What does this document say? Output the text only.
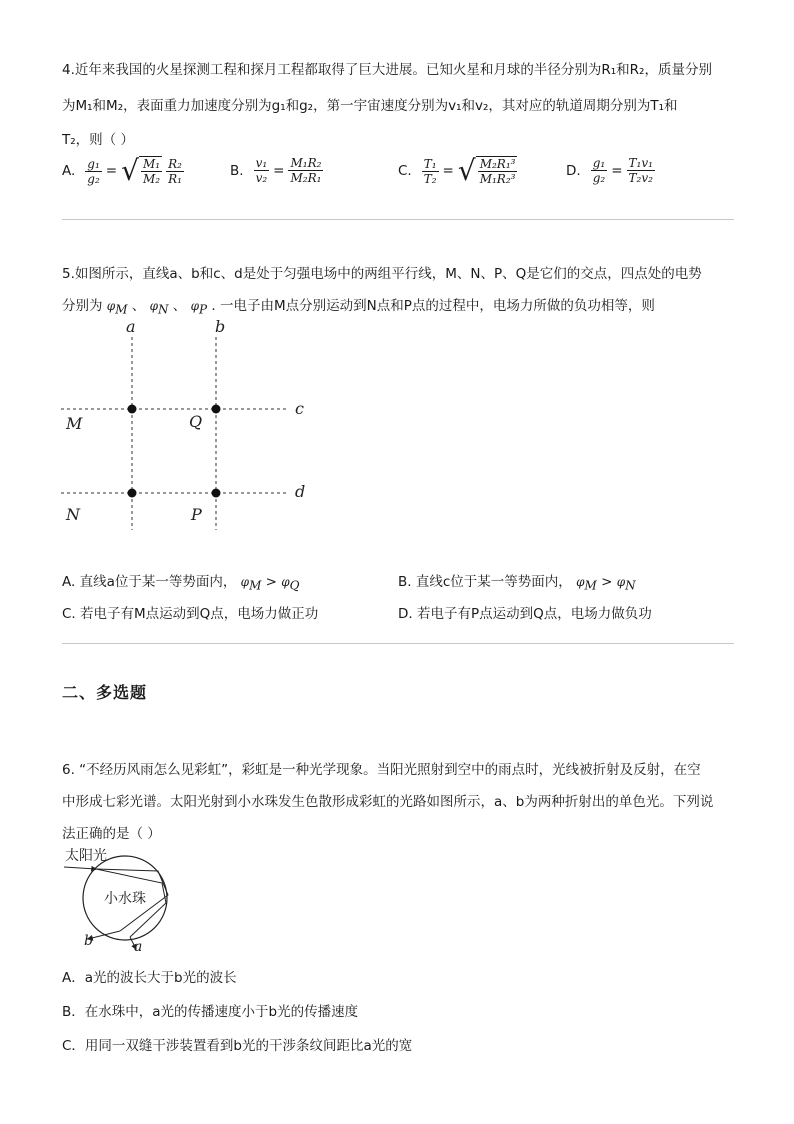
4.近年来我国的火星探测工程和探月工程都取得了巨大进展。已知火星和月球的半径分别为R₁和R₂，质量分别
为M₁和M₂，表面重力加速度分别为g₁和g₂，第一宇宙速度分别为v₁和v₂，其对应的轨道周期分别为T₁和
T₂，则（ ）
A. $\frac{\text{g₁}}{\text{g₂}}$ = √ $\frac{\text{M₁}}{\text{M₂}} \frac{\text{R₂}}{\text{R₁}}$	B. $\frac{\text{v₁}}{\text{v₂}} = \frac{\text{M₁R₂}}{\text{M₂R₁}}$	C. $\frac{\text{T₁}}{\text{T₂}}$ = √ $\frac{\text{M₂R₁³}}{\text{M₁R₂³}}$	D. $\frac{\text{g₁}}{\text{g₂}} = \frac{\text{T₁v₁}}{\text{T₂v₂}}$
5.如图所示，直线a、b和c、d是处于匀强电场中的两组平行线，M、N、P、Q是它们的交点，四点处的电势
分别为 $\varphi_M$ 、 $\varphi_N$ 、 $\varphi_P$ . 一电子由M点分别运动到N点和P点的过程中，电场力所做的负功相等，则
a	b
c
d
M	Q
N	P
A. 直线a位于某一等势面内， $\varphi_M > \varphi_Q$	B. 直线c位于某一等势面内， $\varphi_M > \varphi_N$
C. 若电子有M点运动到Q点，电场力做正功	D. 若电子有P点运动到Q点，电场力做负功
二、多选题
6. “不经历风雨怎么见彩虹”，彩虹是一种光学现象。当阳光照射到空中的雨点时，光线被折射及反射，在空
中形成七彩光谱。太阳光射到小水珠发生色散形成彩虹的光路如图所示，a、b为两种折射出的单色光。下列说
法正确的是（ ）
太阳光
小水珠
b	a
A．a光的波长大于b光的波长
B．在水珠中，a光的传播速度小于b光的传播速度
C．用同一双缝干涉装置看到b光的干涉条纹间距比a光的宽
